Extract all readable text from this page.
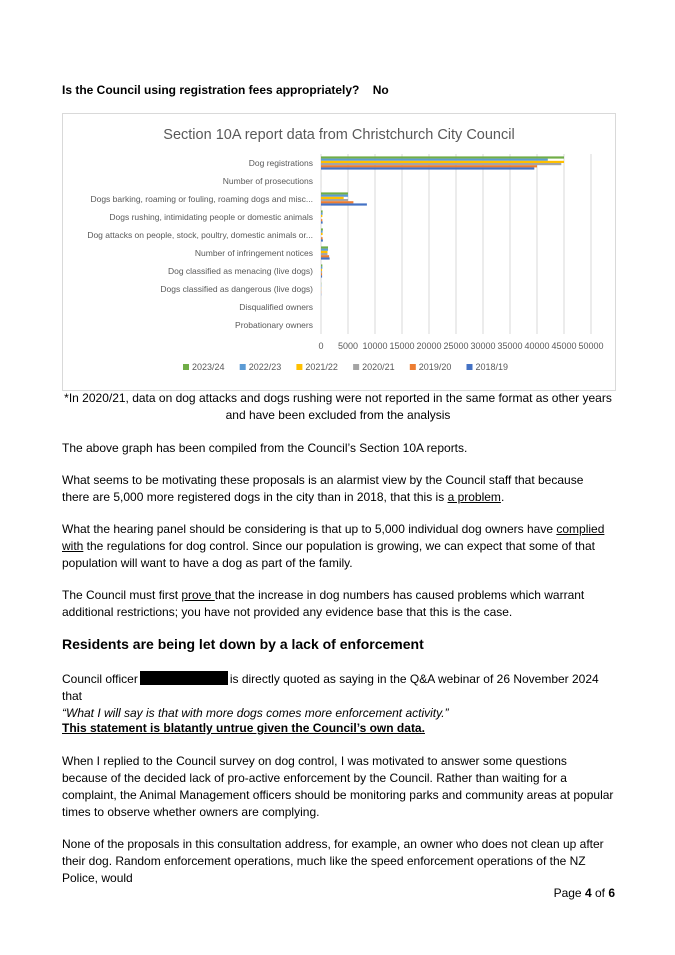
Is the Council using registration fees appropriately? No

Section 10A report data from Christchurch City Council
0 5000 10000 15000 20000 25000 30000 35000 40000 45000 50000
Dog registrations
Number of prosecutions
Dogs barking, roaming or fouling, roaming dogs and misc...
Dogs rushing, intimidating people or domestic animals
Dog attacks on people, stock, poultry, domestic animals or...
Number of infringement notices
Dog classified as menacing (live dogs)
Dogs classified as dangerous (live dogs)
Disqualified owners
Probationary owners
2023/24	2022/23	2021/22	2020/21	2019/20	2018/19

*In 2020/21, data on dog attacks and dogs rushing were not reported in the same format as other years and have been excluded from the analysis

The above graph has been compiled from the Council’s Section 10A reports.

What seems to be motivating these proposals is an alarmist view by the Council staff that because there are 5,000 more registered dogs in the city than in 2018, that this is a problem.

What the hearing panel should be considering is that up to 5,000 individual dog owners have complied with the regulations for dog control. Since our population is growing, we can expect that some of that population will want to have a dog as part of the family.

The Council must first prove that the increase in dog numbers has caused problems which warrant additional restrictions; you have not provided any evidence base that this is the case.

Residents are being let down by a lack of enforcement

Council officer	is directly quoted as saying in the Q&A webinar of 26 November 2024 that
“What I will say is that with more dogs comes more enforcement activity.”

This statement is blatantly untrue given the Council’s own data.

When I replied to the Council survey on dog control, I was motivated to answer some questions because of the decided lack of pro-active enforcement by the Council. Rather than waiting for a complaint, the Animal Management officers should be monitoring parks and community areas at popular times to observe whether owners are complying.

None of the proposals in this consultation address, for example, an owner who does not clean up after their dog. Random enforcement operations, much like the speed enforcement operations of the NZ Police, would

Page 4 of 6
